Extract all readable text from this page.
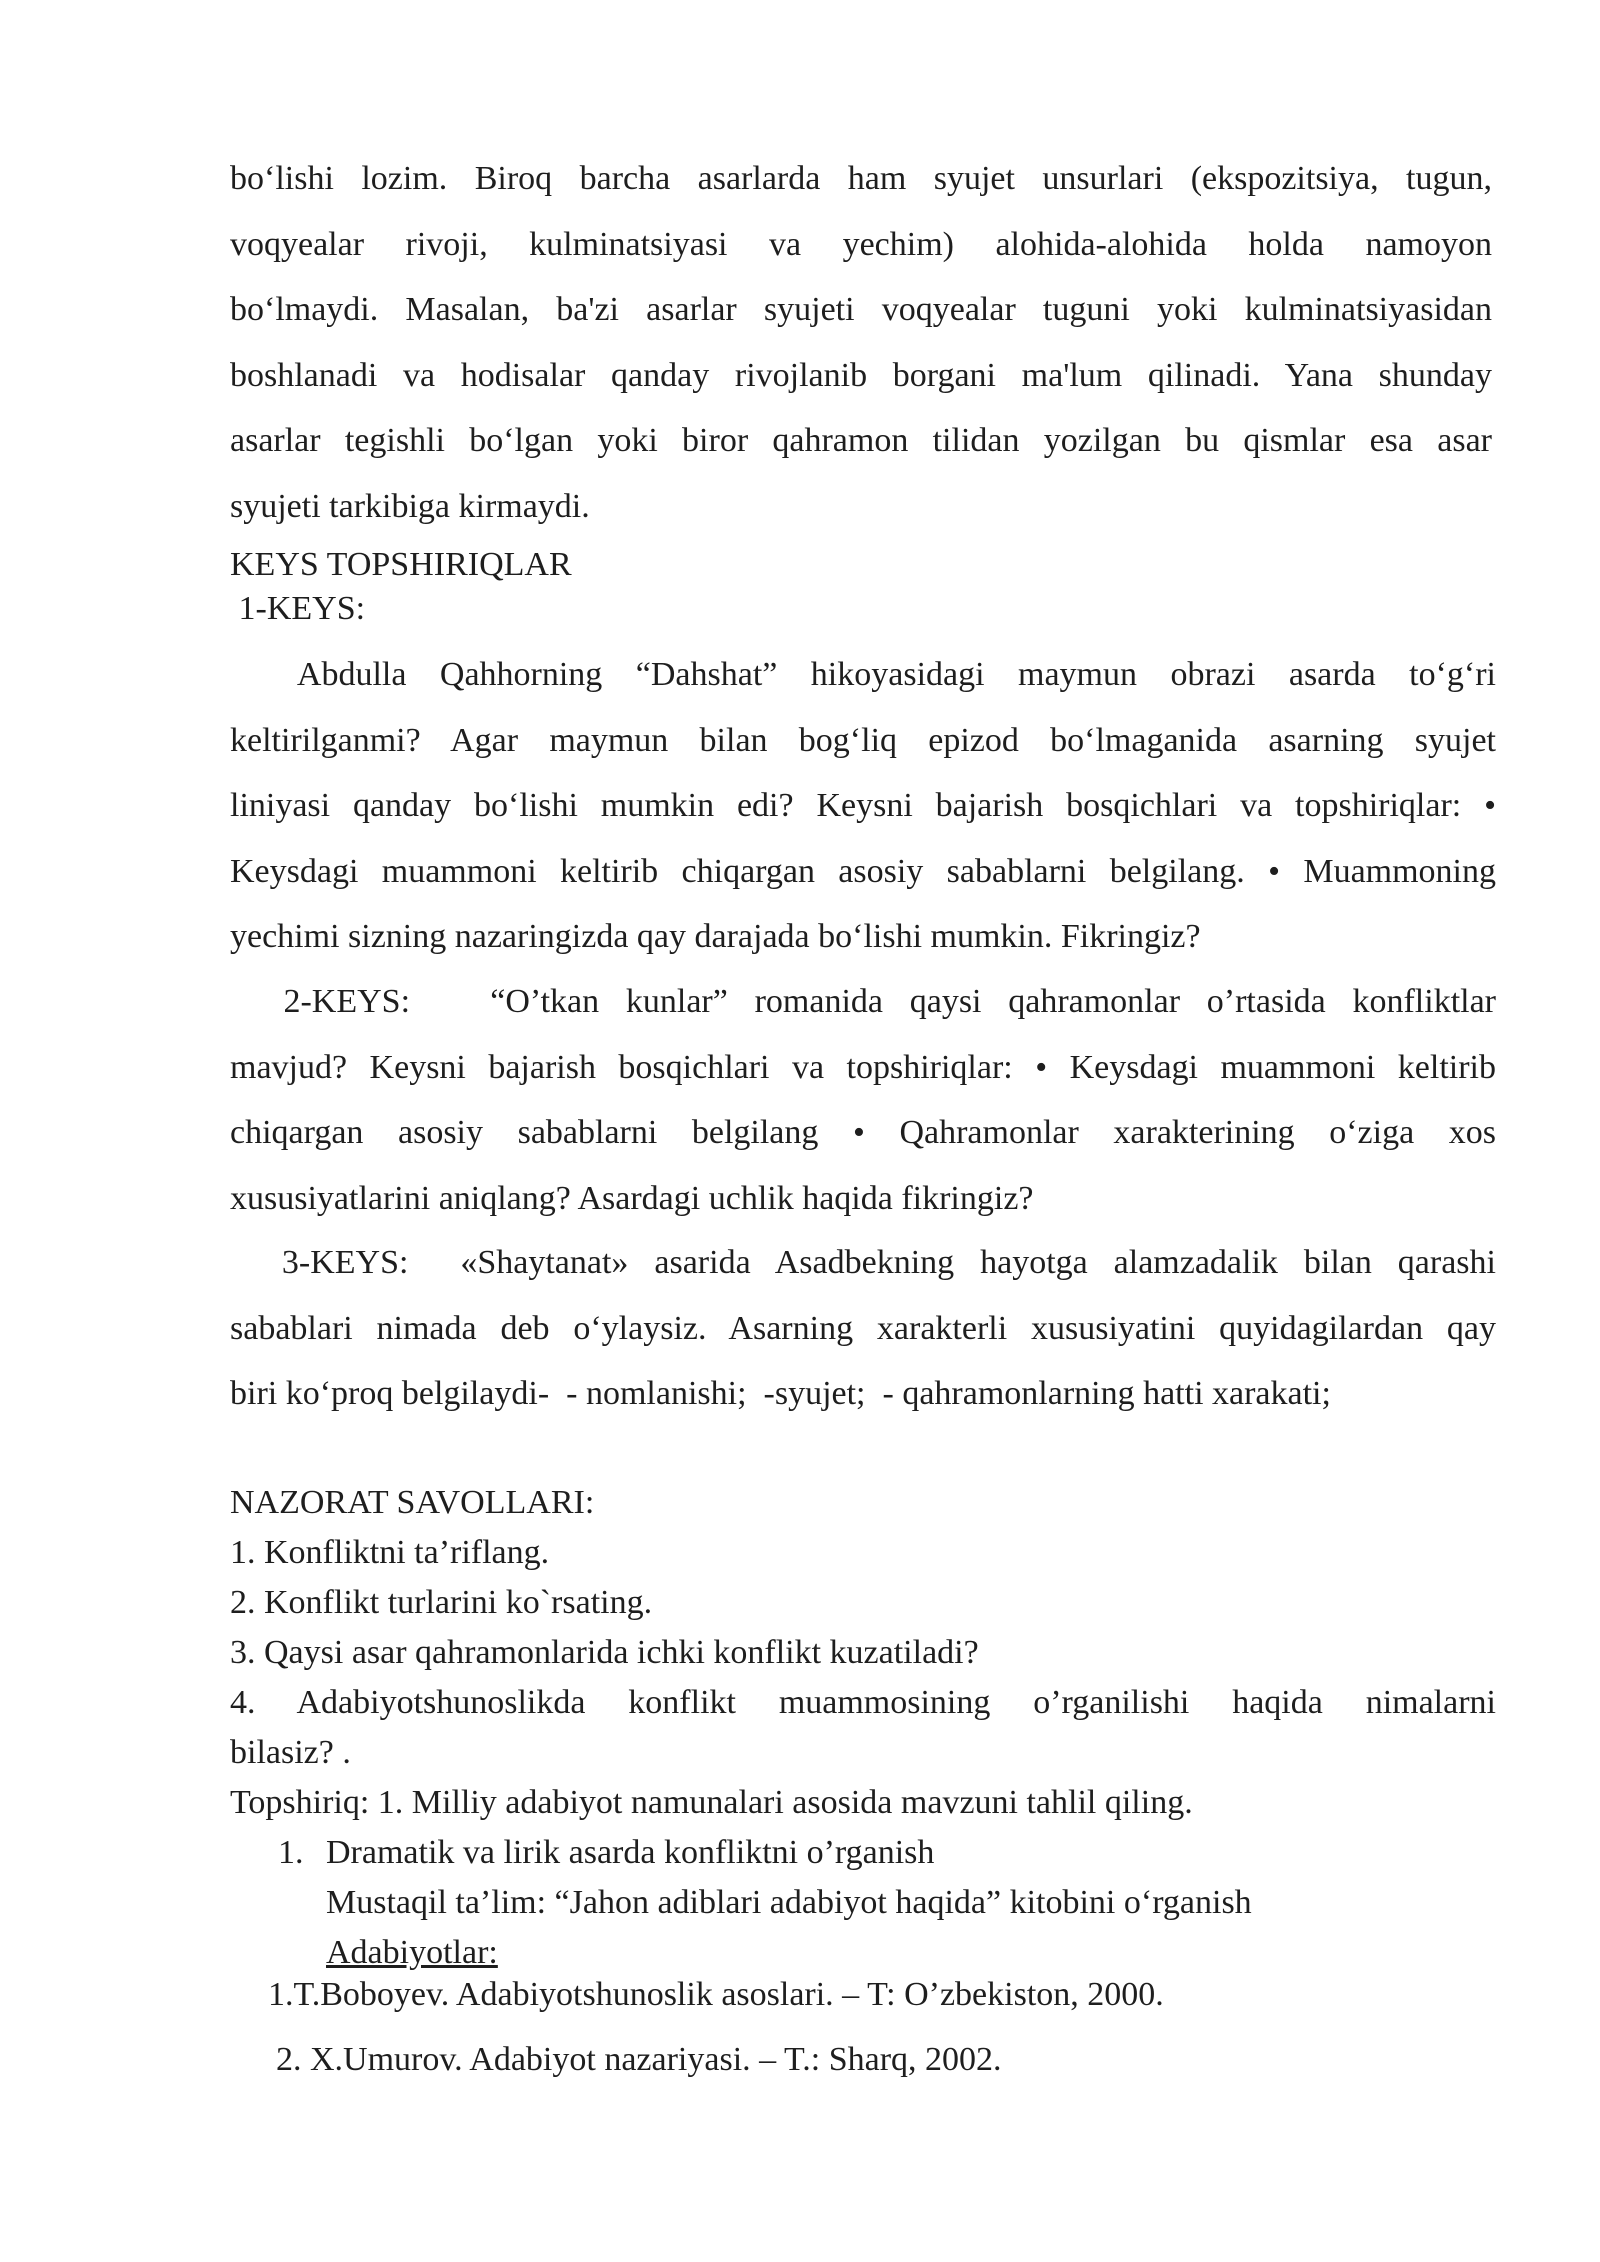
bo‘lishi lozim. Biroq barcha asarlarda ham syujet unsurlari (ekspozitsiya, tugun,
voqyealar rivoji, kulminatsiyasi va yechim) alohida-alohida holda namoyon
bo‘lmaydi. Masalan, ba'zi asarlar syujeti voqyealar tuguni yoki kulminatsiyasidan
boshlanadi va hodisalar qanday rivojlanib borgani ma'lum qilinadi. Yana shunday
asarlar tegishli bo‘lgan yoki biror qahramon tilidan yozilgan bu qismlar esa asar
syujeti tarkibiga kirmaydi.
KEYS TOPSHIRIQLAR
1-KEYS:
Abdulla Qahhorning “Dahshat” hikoyasidagi maymun obrazi asarda to‘g‘ri
keltirilganmi? Agar maymun bilan bog‘liq epizod bo‘lmaganida asarning syujet
liniyasi qanday bo‘lishi mumkin edi? Keysni bajarish bosqichlari va topshiriqlar: •
Keysdagi muammoni keltirib chiqargan asosiy sabablarni belgilang. • Muammoning
yechimi sizning nazaringizda qay darajada bo‘lishi mumkin. Fikringiz?
2-KEYS:   “O’tkan kunlar” romanida qaysi qahramonlar o’rtasida konfliktlar
mavjud? Keysni bajarish bosqichlari va topshiriqlar: • Keysdagi muammoni keltirib
chiqargan asosiy sabablarni belgilang • Qahramonlar xarakterining o‘ziga xos
xususiyatlarini aniqlang? Asardagi uchlik haqida fikringiz?
3-KEYS:  «Shaytanat» asarida Asadbekning hayotga alamzadalik bilan qarashi
sabablari nimada deb o‘ylaysiz. Asarning xarakterli xususiyatini quyidagilardan qay
biri ko‘proq belgilaydi-  - nomlanishi;  -syujet;  - qahramonlarning hatti xarakati;
NAZORAT SAVOLLARI:
1. Konfliktni ta’riflang.
2. Konflikt turlarini ko`rsating.
3. Qaysi asar qahramonlarida ichki konflikt kuzatiladi?
4. Adabiyotshunoslikda konflikt muammosining o’rganilishi haqida nimalarni
bilasiz? .
Topshiriq: 1. Milliy adabiyot namunalari asosida mavzuni tahlil qiling.
1. Dramatik va lirik asarda konfliktni o’rganish
Mustaqil ta’lim: “Jahon adiblari adabiyot haqida” kitobini o‘rganish
Adabiyotlar:
1.T.Boboyev. Adabiyotshunoslik asoslari. – T: O’zbekiston, 2000.
2. X.Umurov. Adabiyot nazariyasi. – T.: Sharq, 2002.
